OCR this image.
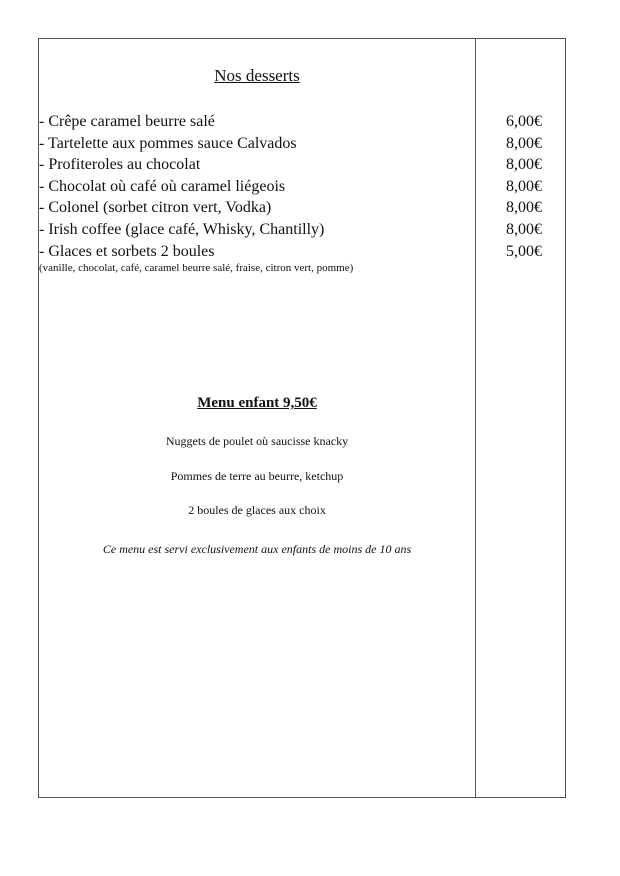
Nos desserts
- Crêpe caramel beurre salé
- Tartelette aux pommes sauce Calvados
- Profiteroles au chocolat
- Chocolat où café où caramel liégeois
- Colonel (sorbet citron vert, Vodka)
- Irish coffee (glace café, Whisky, Chantilly)
- Glaces et sorbets 2 boules
(vanille, chocolat, café, caramel beurre salé, fraise, citron vert, pomme)
6,00€
8,00€
8,00€
8,00€
8,00€
8,00€
5,00€
Menu enfant 9,50€
Nuggets de poulet où saucisse knacky
Pommes de terre au beurre, ketchup
2 boules de glaces aux choix
Ce menu est servi exclusivement aux enfants de moins de 10 ans
